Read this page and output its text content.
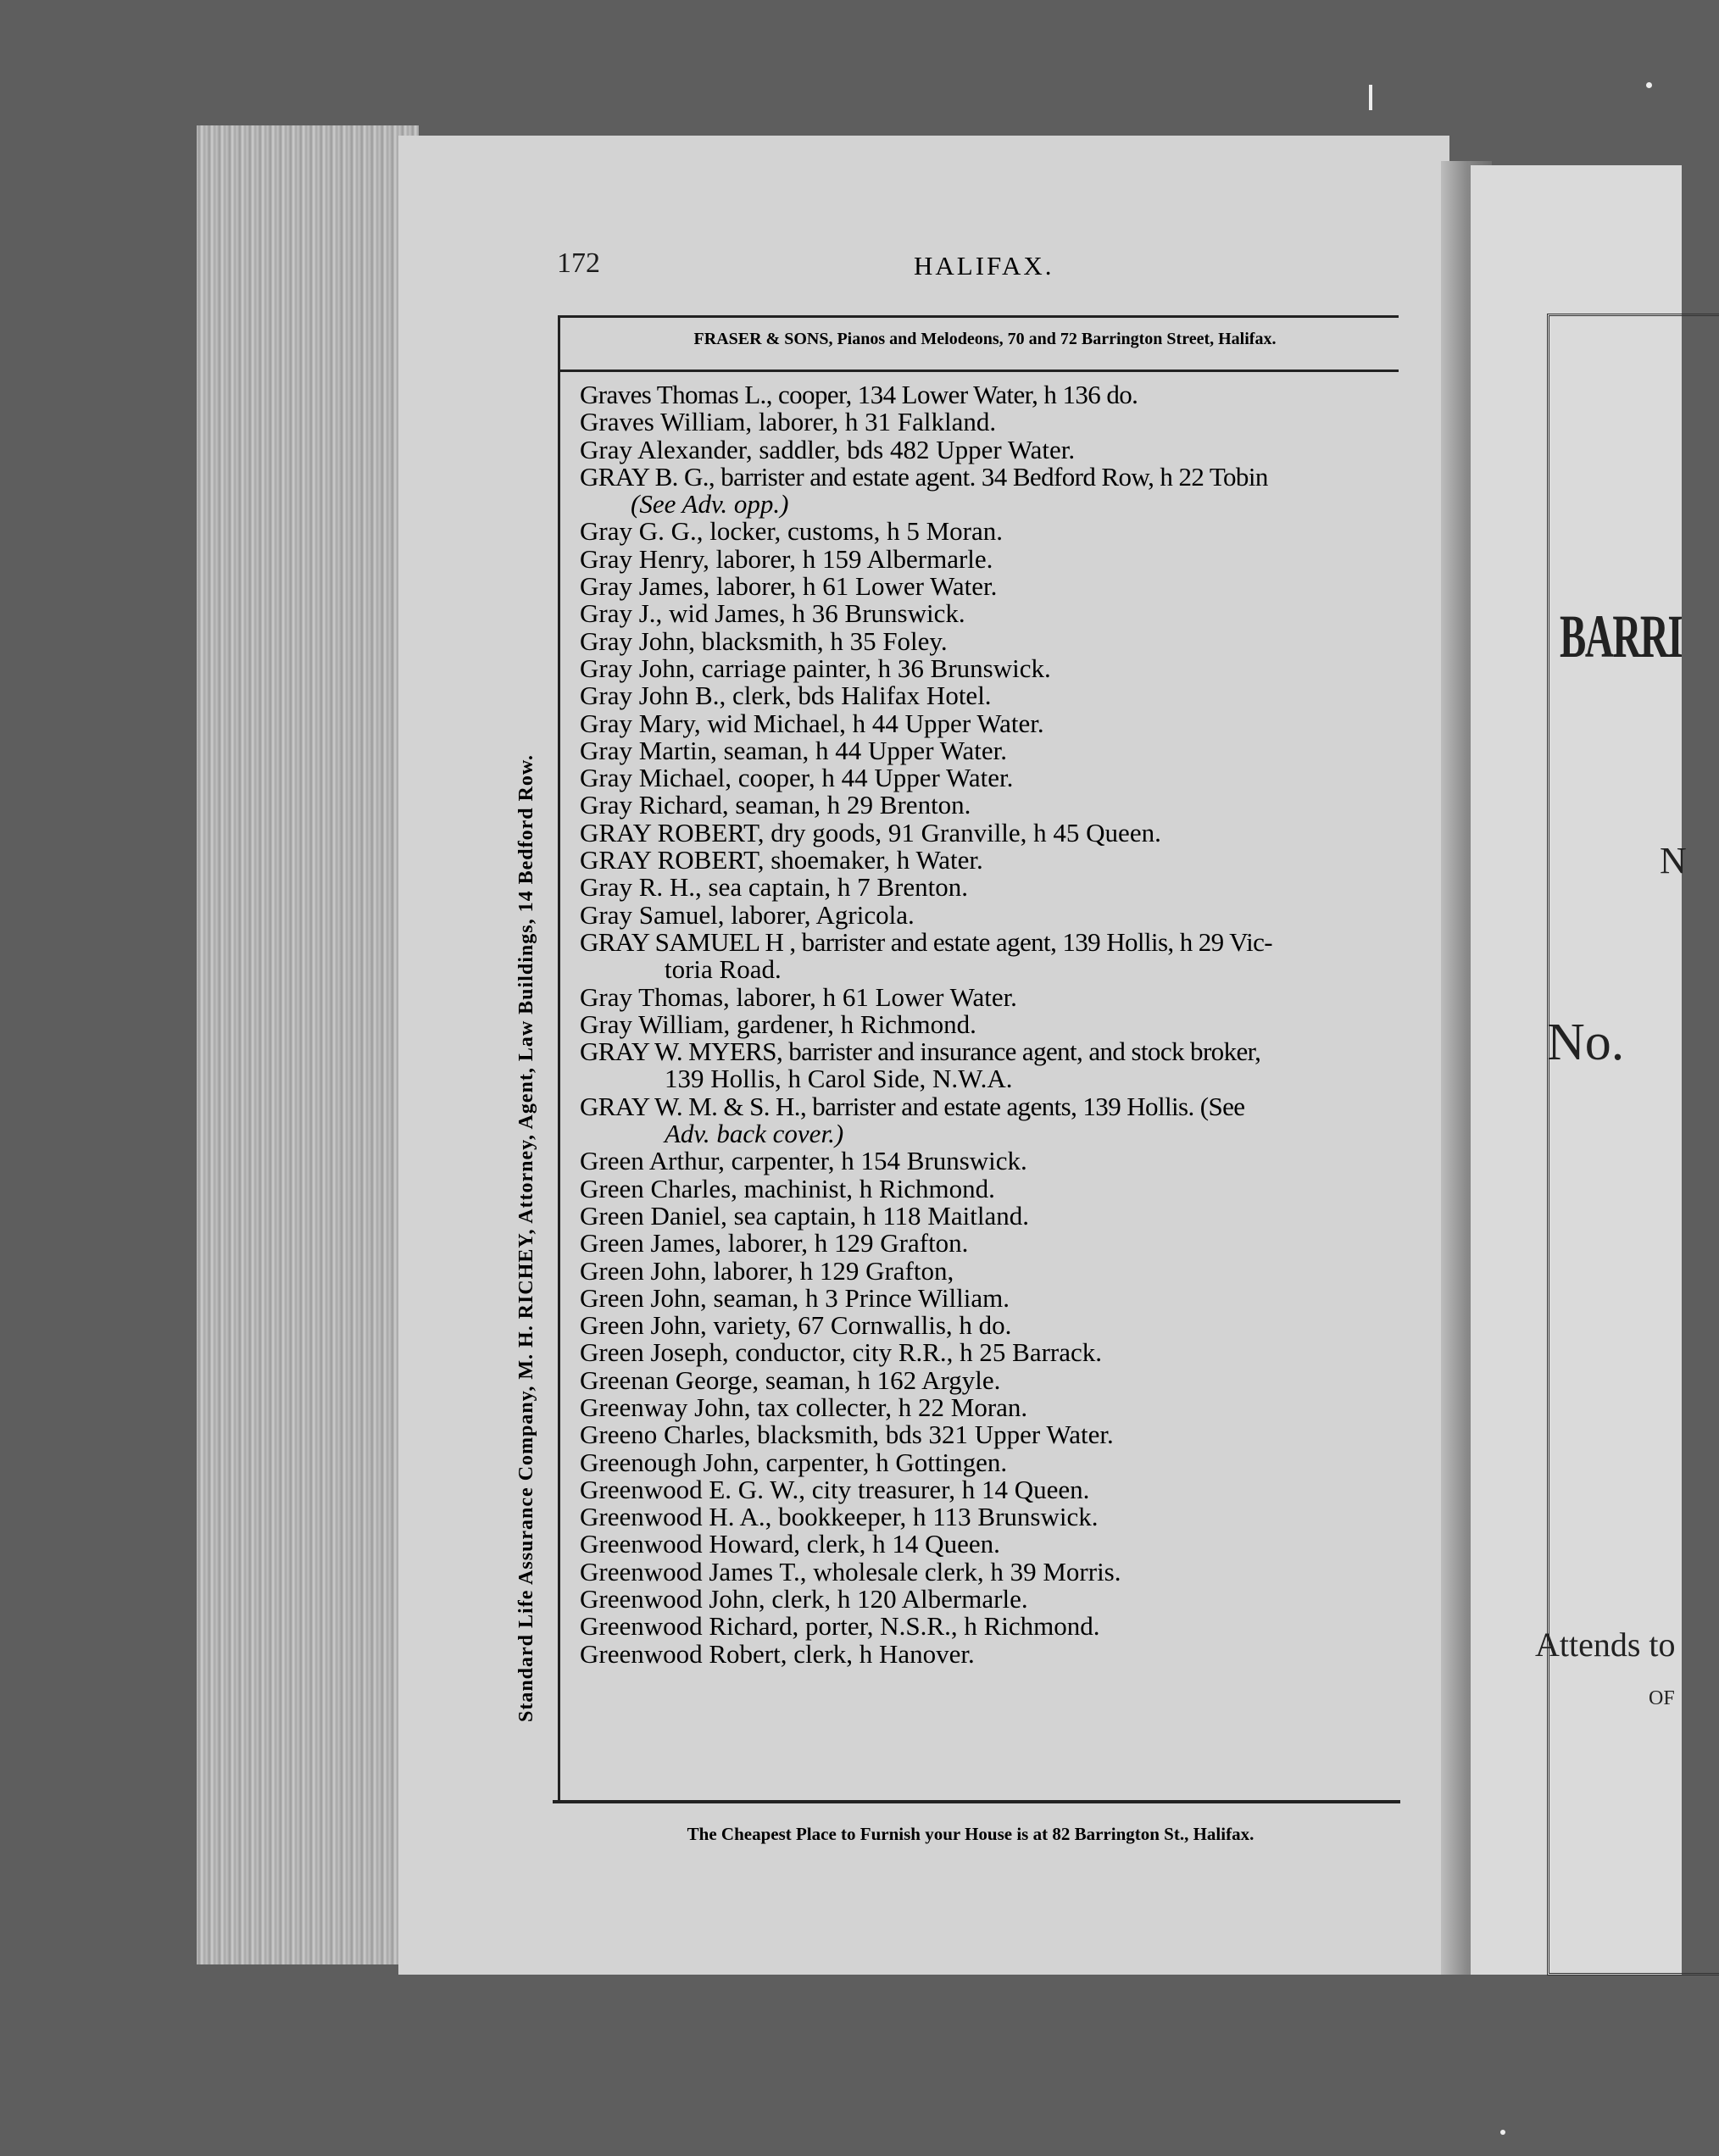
BARRI
N
No.
Attends to
OF
172	HALIFAX.
FRASER & SONS, Pianos and Melodeons, 70 and 72 Barrington Street, Halifax.
Standard Life Assurance Company, M. H. RICHEY, Attorney, Agent, Law Buildings, 14 Bedford Row.
The Cheapest Place to Furnish your House is at 82 Barrington St., Halifax.
Graves Thomas L., cooper, 134 Lower Water, h 136 do.
Graves William, laborer, h 31 Falkland.
Gray Alexander, saddler, bds 482 Upper Water.
GRAY B. G., barrister and estate agent. 34 Bedford Row, h 22 Tobin
(See Adv. opp.)
Gray G. G., locker, customs, h 5 Moran.
Gray Henry, laborer, h 159 Albermarle.
Gray James, laborer, h 61 Lower Water.
Gray J., wid James, h 36 Brunswick.
Gray John, blacksmith, h 35 Foley.
Gray John, carriage painter, h 36 Brunswick.
Gray John B., clerk, bds Halifax Hotel.
Gray Mary, wid Michael, h 44 Upper Water.
Gray Martin, seaman, h 44 Upper Water.
Gray Michael, cooper, h 44 Upper Water.
Gray Richard, seaman, h 29 Brenton.
GRAY ROBERT, dry goods, 91 Granville, h 45 Queen.
GRAY ROBERT, shoemaker, h Water.
Gray R. H., sea captain, h 7 Brenton.
Gray Samuel, laborer, Agricola.
GRAY SAMUEL H , barrister and estate agent, 139 Hollis, h 29 Vic-
toria Road.
Gray Thomas, laborer, h 61 Lower Water.
Gray William, gardener, h Richmond.
GRAY W. MYERS, barrister and insurance agent, and stock broker,
139 Hollis, h Carol Side, N.W.A.
GRAY W. M. & S. H., barrister and estate agents, 139 Hollis. (See
Adv. back cover.)
Green Arthur, carpenter, h 154 Brunswick.
Green Charles, machinist, h Richmond.
Green Daniel, sea captain, h 118 Maitland.
Green James, laborer, h 129 Grafton.
Green John, laborer, h 129 Grafton,
Green John, seaman, h 3 Prince William.
Green John, variety, 67 Cornwallis, h do.
Green Joseph, conductor, city R.R., h 25 Barrack.
Greenan George, seaman, h 162 Argyle.
Greenway John, tax collecter, h 22 Moran.
Greeno Charles, blacksmith, bds 321 Upper Water.
Greenough John, carpenter, h Gottingen.
Greenwood E. G. W., city treasurer, h 14 Queen.
Greenwood H. A., bookkeeper, h 113 Brunswick.
Greenwood Howard, clerk, h 14 Queen.
Greenwood James T., wholesale clerk, h 39 Morris.
Greenwood John, clerk, h 120 Albermarle.
Greenwood Richard, porter, N.S.R., h Richmond.
Greenwood Robert, clerk, h Hanover.
